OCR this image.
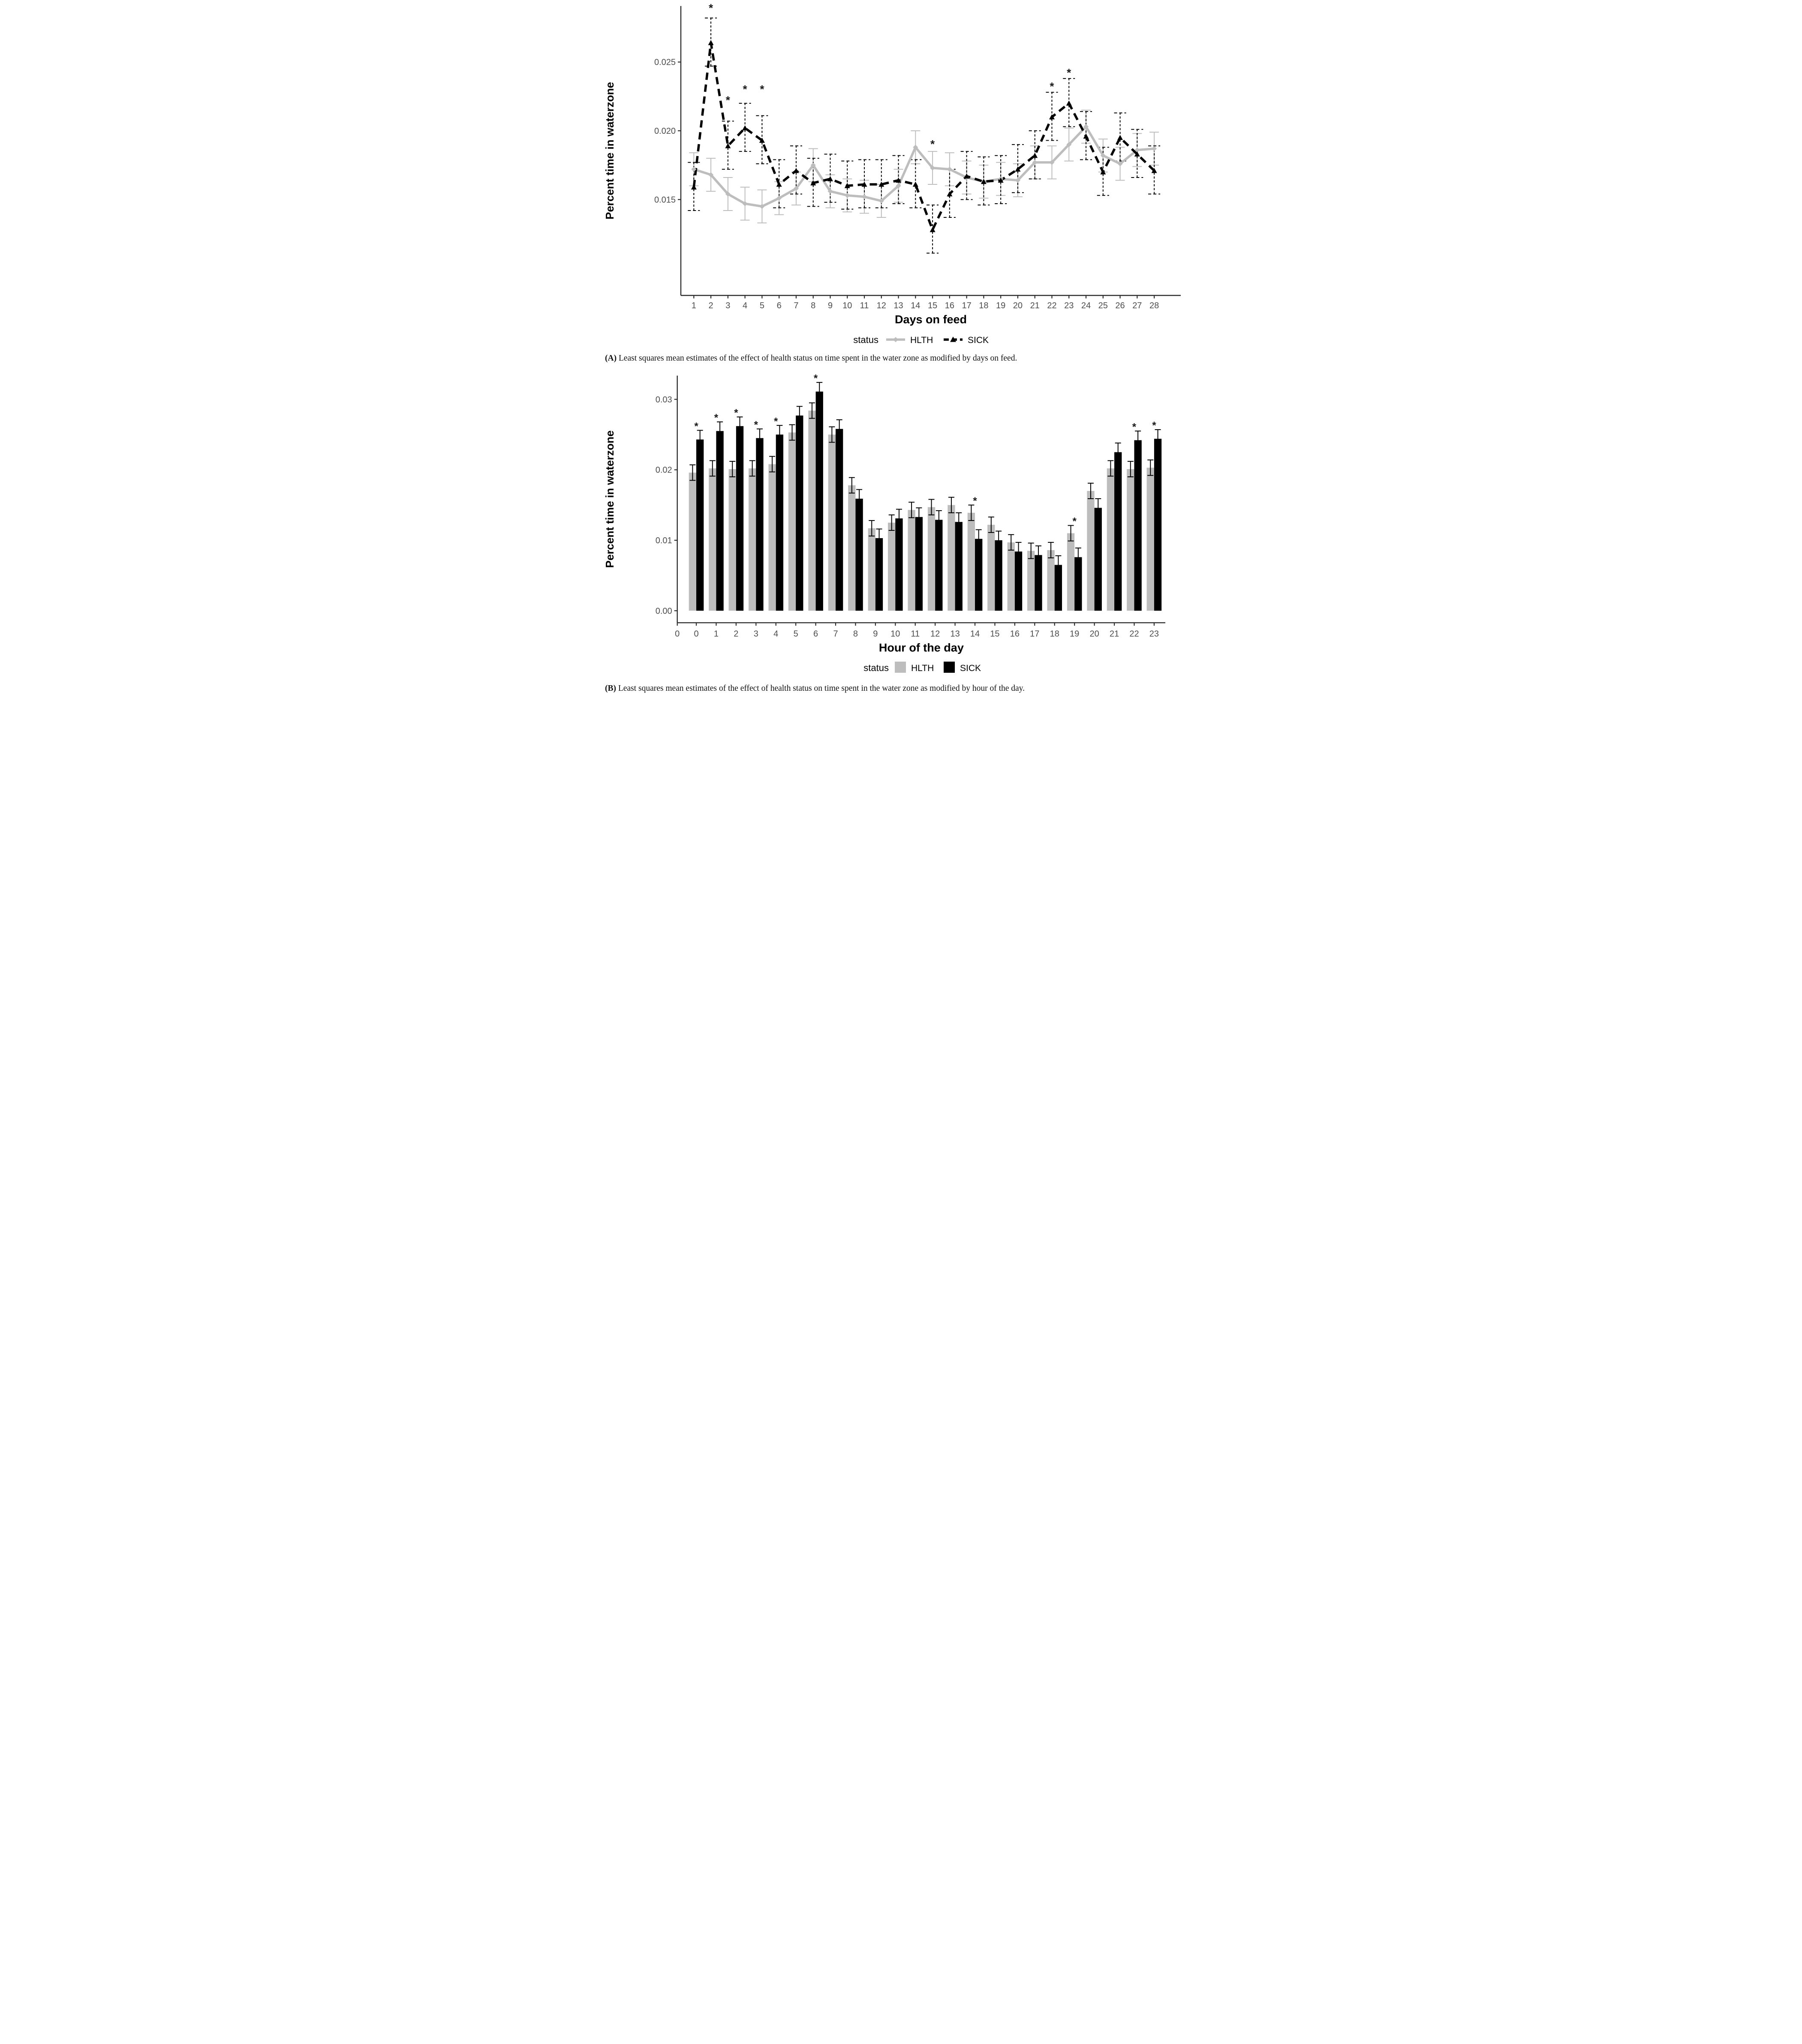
0.015
0.020
0.025
1 2 3 4 5 6 7 8 9 10 11 12 13 14 15 16 17 18 19 20 21 22 23 24 25 26 27 28
Days on feed
Percent time in waterzone
*
*
* *
*
*
*
status	HLTH	SICK

(A) Least squares mean estimates of the effect of health status on time spent in the water zone as modified by days on feed.

*
* *
* *
*
*
*
* *
0.00
0.01
0.02
0.03
0 0 1 2 3 4 5 6 7 8 9 10 11 12 13 14 15 16 17 18 19 20 21 22 23
Hour of the day
Percent time in waterzone
status HLTH	SICK

(B) Least squares mean estimates of the effect of health status on time spent in the water zone as modified by hour of the day.
